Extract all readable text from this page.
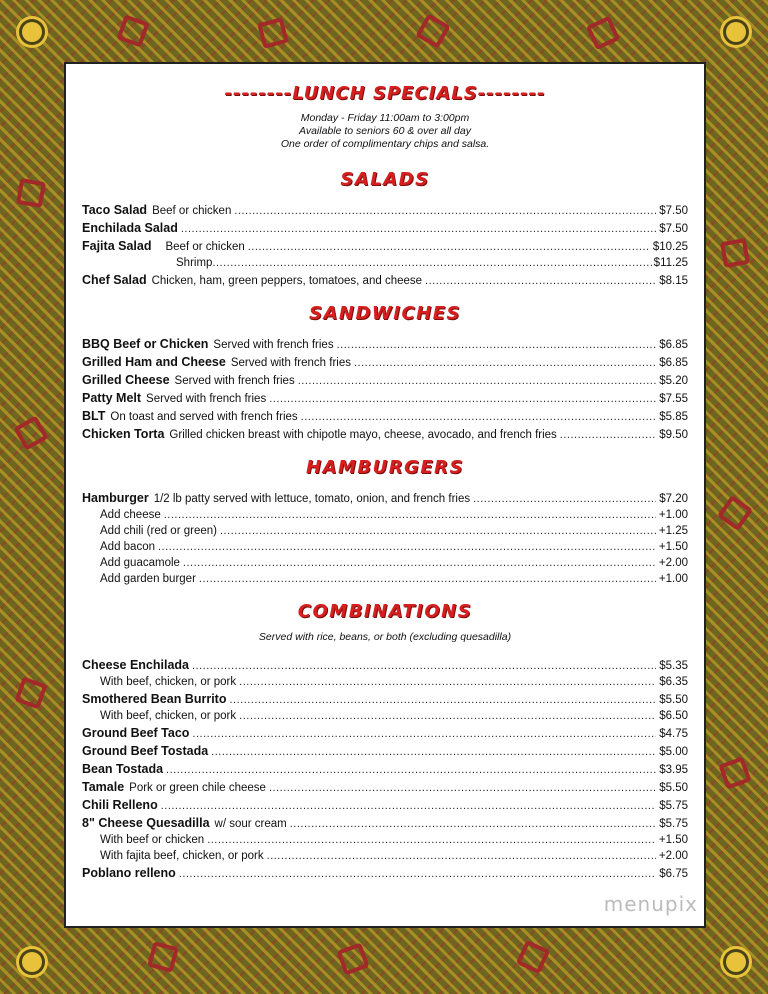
--------LUNCH SPECIALS--------
Monday - Friday 11:00am to 3:00pm
Available to seniors 60 & over all day
One order of complimentary chips and salsa.
SALADS
Taco Salad Beef or chicken .....	$7.50
Enchilada Salad .....	$7.50
Fajita Salad	Beef or chicken .....	$10.25
Shrimp .....	$11.25
Chef Salad Chicken, ham, green peppers, tomatoes, and cheese .....	$8.15
SANDWICHES
BBQ Beef or Chicken Served with french fries .....	$6.85
Grilled Ham and Cheese Served with french fries .....	$6.85
Grilled Cheese Served with french fries .....	$5.20
Patty Melt Served with french fries .....	$7.55
BLT On toast and served with french fries .....	$5.85
Chicken Torta Grilled chicken breast with chipotle mayo, cheese, avocado, and french fries .....	$9.50
HAMBURGERS
Hamburger 1/2 lb patty served with lettuce, tomato, onion, and french fries .....	$7.20
Add cheese .....	+1.00
Add chili (red or green) .....	+1.25
Add bacon .....	+1.50
Add guacamole .....	+2.00
Add garden burger .....	+1.00
COMBINATIONS
Served with rice, beans, or both (excluding quesadilla)
Cheese Enchilada .....	$5.35
With beef, chicken, or pork .....	$6.35
Smothered Bean Burrito .....	$5.50
With beef, chicken, or pork .....	$6.50
Ground Beef Taco .....	$4.75
Ground Beef Tostada .....	$5.00
Bean Tostada .....	$3.95
Tamale Pork or green chile cheese .....	$5.50
Chili Relleno .....	$5.75
8" Cheese Quesadilla w/ sour cream .....	$5.75
With beef or chicken .....	+1.50
With fajita beef, chicken, or pork .....	+2.00
Poblano relleno .....	$6.75
menupix
